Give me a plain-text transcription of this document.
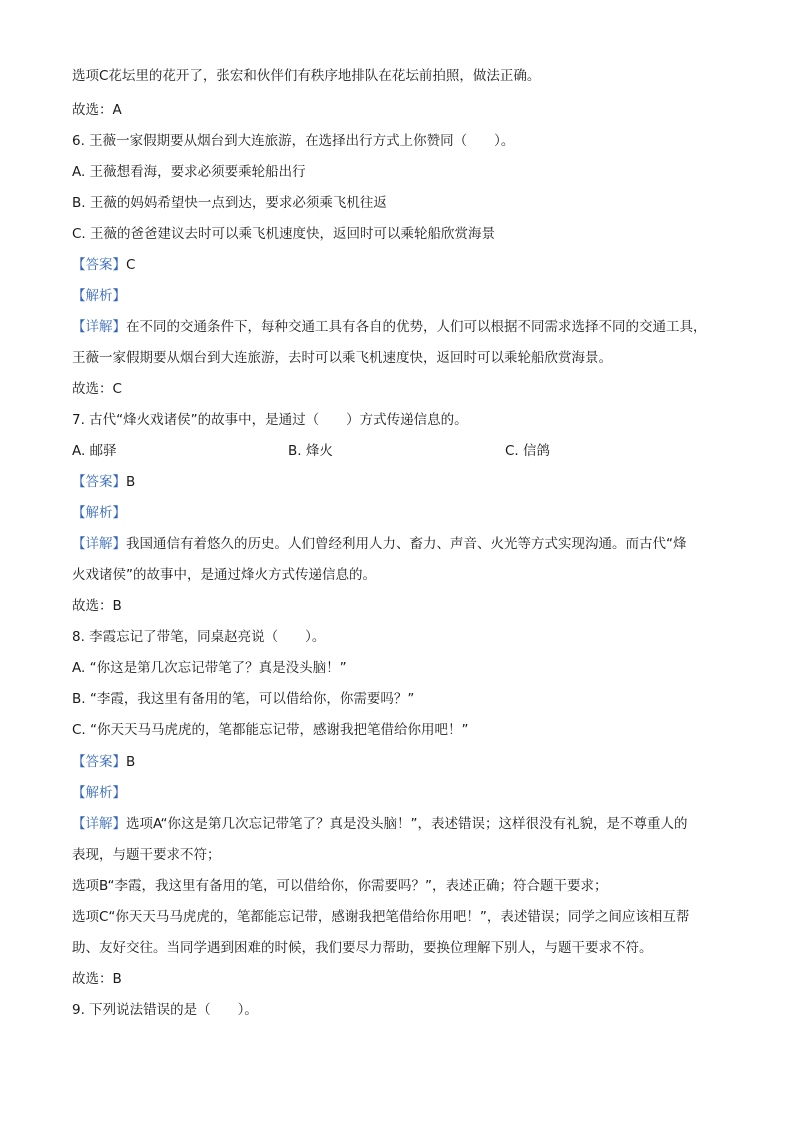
选项C花坛里的花开了，张宏和伙伴们有秩序地排队在花坛前拍照，做法正确。
故选：A
6. 王薇一家假期要从烟台到大连旅游，在选择出行方式上你赞同（　　）。
A. 王薇想看海，要求必须要乘轮船出行
B. 王薇的妈妈希望快一点到达，要求必须乘飞机往返
C. 王薇的爸爸建议去时可以乘飞机速度快，返回时可以乘轮船欣赏海景
【答案】C
【解析】
【详解】在不同的交通条件下，每种交通工具有各自的优势，人们可以根据不同需求选择不同的交通工具，
王薇一家假期要从烟台到大连旅游，去时可以乘飞机速度快，返回时可以乘轮船欣赏海景。
故选：C
7. 古代“烽火戏诸侯”的故事中，是通过（　　）方式传递信息的。
A. 邮驿	B. 烽火	C. 信鸽
【答案】B
【解析】
【详解】我国通信有着悠久的历史。人们曾经利用人力、畜力、声音、火光等方式实现沟通。而古代“烽
火戏诸侯”的故事中，是通过烽火方式传递信息的。
故选：B
8. 李霞忘记了带笔，同桌赵亮说（　　）。
A. “你这是第几次忘记带笔了？真是没头脑！”
B. “李霞，我这里有备用的笔，可以借给你，你需要吗？”
C. “你天天马马虎虎的，笔都能忘记带，感谢我把笔借给你用吧！”
【答案】B
【解析】
【详解】选项A“你这是第几次忘记带笔了？真是没头脑！”，表述错误；这样很没有礼貌，是不尊重人的
表现，与题干要求不符；
选项B“李霞，我这里有备用的笔，可以借给你，你需要吗？”，表述正确；符合题干要求；
选项C“你天天马马虎虎的，笔都能忘记带，感谢我把笔借给你用吧！”，表述错误；同学之间应该相互帮
助、友好交往。当同学遇到困难的时候，我们要尽力帮助，要换位理解下别人，与题干要求不符。
故选：B
9. 下列说法错误的是（　　）。
